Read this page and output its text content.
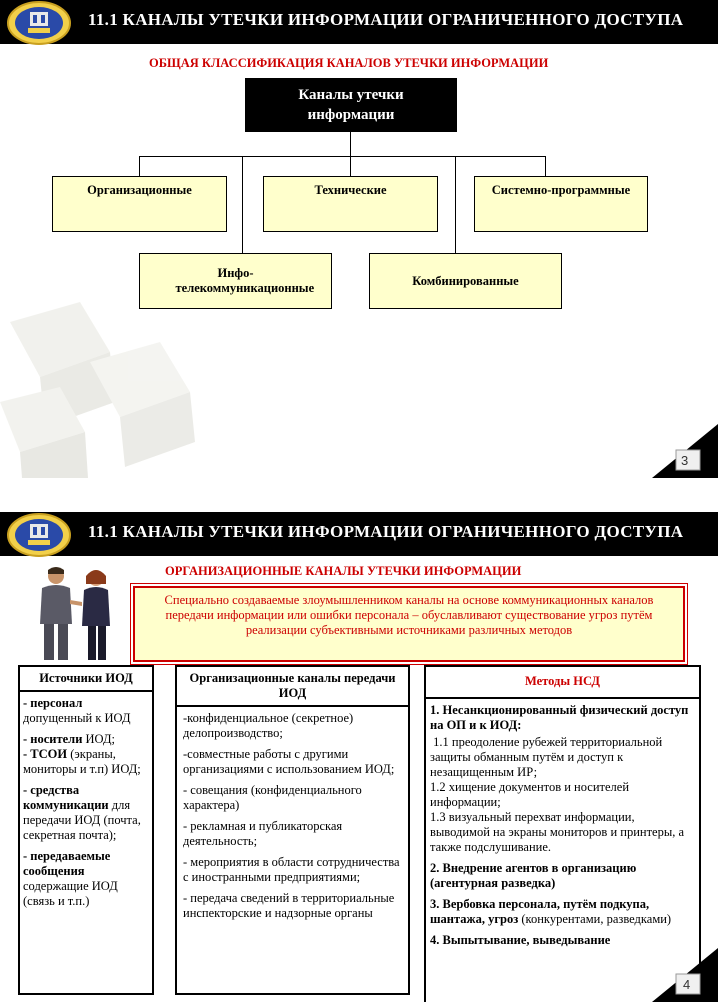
11.1 КАНАЛЫ УТЕЧКИ ИНФОРМАЦИИ ОГРАНИЧЕННОГО ДОСТУПА
ОБЩАЯ КЛАССИФИКАЦИЯ КАНАЛОВ УТЕЧКИ ИНФОРМАЦИИ
Каналы утечки информации
Организационные	Технические	Системно-программные
Инфо-телекоммуникационные
Комбинированные
3
11.1 КАНАЛЫ УТЕЧКИ ИНФОРМАЦИИ ОГРАНИЧЕННОГО ДОСТУПА
ОРГАНИЗАЦИОННЫЕ КАНАЛЫ УТЕЧКИ ИНФОРМАЦИИ
Специально создаваемые злоумышленником каналы на основе коммуникационных каналов передачи информации или ошибки персонала – обуславливают существование угроз путём реализации субъективными источниками различных методов
Источники ИОД

- персонал допущенный к ИОД

- носители ИОД;

- ТСОИ (экраны, мониторы и т.п) ИОД;

- средства коммуникации для передачи ИОД (почта, секретная почта);

- передаваемые сообщения содержащие ИОД (связь и т.п.)

Организационные каналы передачи ИОД

-конфиденциальное (секретное) делопроизводство;

-совместные работы с другими организациями с использованием ИОД;

- совещания (конфиденциального характера)

- рекламная и публикаторская деятельность;

- мероприятия в области сотрудничества с иностранными предприятиями;

- передача сведений в территориальные инспекторские и надзорные органы

Методы НСД

1. Несанкционированный физический доступ на ОП и к ИОД:

1.1 преодоление рубежей территориальной защиты обманным путём и доступ к незащищенным ИР;

1.2 хищение документов и носителей информации;

1.3 визуальный перехват информации, выводимой на экраны мониторов и принтеры, а также подслушивание.

2. Внедрение агентов в организацию (агентурная разведка)

3. Вербовка персонала, путём подкупа, шантажа, угроз (конкурентами, разведками)

4. Выпытывание, выведывание

4
